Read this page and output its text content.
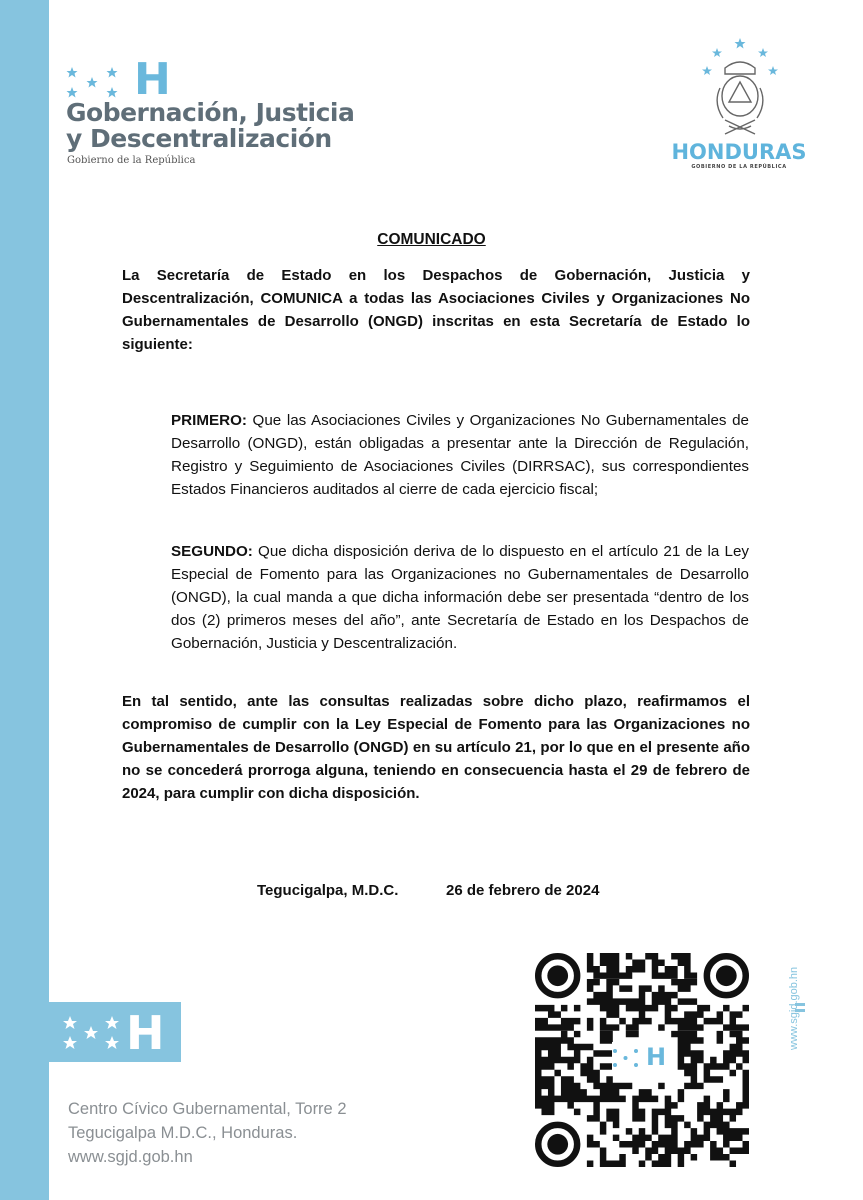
H
H
Gobernación, Justicia
y Descentralización
Gobierno de la República	HONDURAS
GOBIERNO DE LA REPÚBLICA
COMUNICADO
La Secretaría de Estado en los Despachos de Gobernación, Justicia y Descentralización, COMUNICA a todas las Asociaciones Civiles y Organizaciones No Gubernamentales de Desarrollo (ONGD) inscritas en esta Secretaría de Estado lo siguiente:
PRIMERO: Que las Asociaciones Civiles y Organizaciones No Gubernamentales de Desarrollo (ONGD), están obligadas a presentar ante la Dirección de Regulación, Registro y Seguimiento de Asociaciones Civiles (DIRRSAC), sus correspondientes Estados Financieros auditados al cierre de cada ejercicio fiscal;
SEGUNDO: Que dicha disposición deriva de lo dispuesto en el artículo 21 de la Ley Especial de Fomento para las Organizaciones no Gubernamentales de Desarrollo (ONGD), la cual manda a que dicha información debe ser presentada “dentro de los dos (2) primeros meses del año”, ante Secretaría de Estado en los Despachos de Gobernación, Justicia y Descentralización.
En tal sentido, ante las consultas realizadas sobre dicho plazo, reafirmamos el compromiso de cumplir con la Ley Especial de Fomento para las Organizaciones no Gubernamentales de Desarrollo (ONGD) en su artículo 21, por lo que en el presente año no se concederá prorroga alguna, teniendo en consecuencia hasta el 29 de febrero de 2024, para cumplir con dicha disposición.
Tegucigalpa, M.D.C.	26 de febrero de 2024
H
www.sgjd.gob.hn
Centro Cívico Gubernamental, Torre 2
Tegucigalpa M.D.C., Honduras.
www.sgjd.gob.hn
